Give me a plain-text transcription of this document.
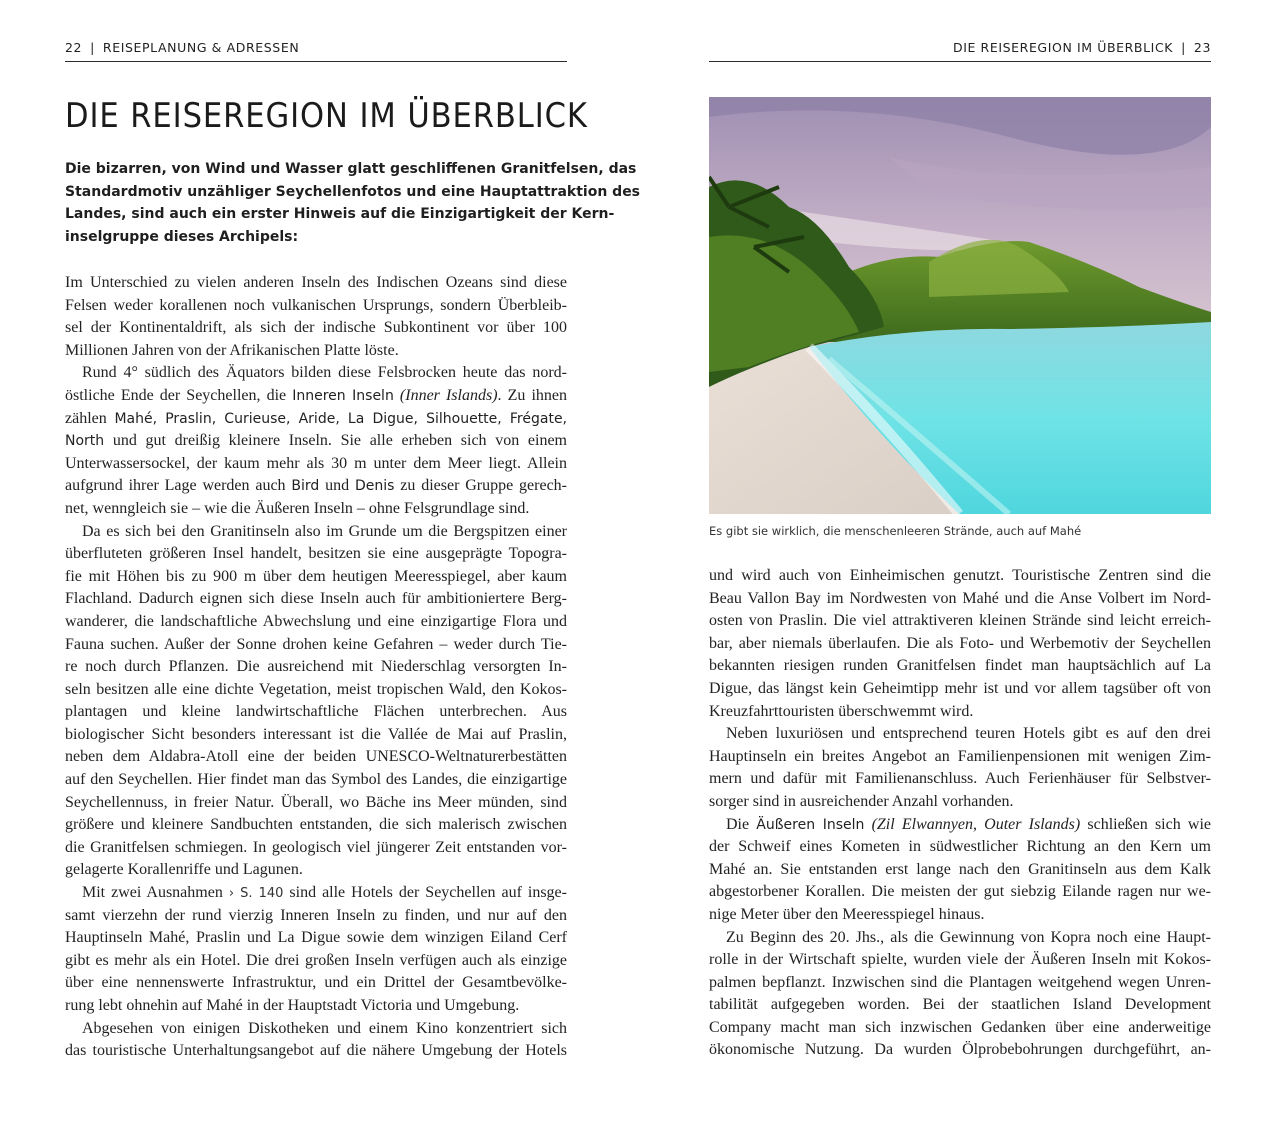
22 | REISEPLANUNG & ADRESSEN
DIE REISEREGION IM ÜBERBLICK
Die bizarren, von Wind und Wasser glatt geschliffenen Granitfelsen, das
Standardmotiv unzähliger Seychellenfotos und eine Hauptattraktion des
Landes, sind auch ein erster Hinweis auf die Einzigartigkeit der Kern-
inselgruppe dieses Archipels:
Im Unterschied zu vielen anderen Inseln des Indischen Ozeans sind diese
Felsen weder korallenen noch vulkanischen Ursprungs, sondern Überbleib-
sel der Kontinentaldrift, als sich der indische Subkontinent vor über 100
Millionen Jahren von der Afrikanischen Platte löste.
Rund 4° südlich des Äquators bilden diese Felsbrocken heute das nord-
östliche Ende der Seychellen, die Inneren Inseln (Inner Islands). Zu ihnen
zählen Mahé, Praslin, Curieuse, Aride, La Digue, Silhouette, Frégate,
North und gut dreißig kleinere Inseln. Sie alle erheben sich von einem
Unterwassersockel, der kaum mehr als 30 m unter dem Meer liegt. Allein
aufgrund ihrer Lage werden auch Bird und Denis zu dieser Gruppe gerech-
net, wenngleich sie – wie die Äußeren Inseln – ohne Felsgrundlage sind.
Da es sich bei den Granitinseln also im Grunde um die Bergspitzen einer
überfluteten größeren Insel handelt, besitzen sie eine ausgeprägte Topogra-
fie mit Höhen bis zu 900 m über dem heutigen Meeresspiegel, aber kaum
Flachland. Dadurch eignen sich diese Inseln auch für ambitioniertere Berg-
wanderer, die landschaftliche Abwechslung und eine einzigartige Flora und
Fauna suchen. Außer der Sonne drohen keine Gefahren – weder durch Tie-
re noch durch Pflanzen. Die ausreichend mit Niederschlag versorgten In-
seln besitzen alle eine dichte Vegetation, meist tropischen Wald, den Kokos-
plantagen und kleine landwirtschaftliche Flächen unterbrechen. Aus
biologischer Sicht besonders interessant ist die Vallée de Mai auf Praslin,
neben dem Aldabra-Atoll eine der beiden UNESCO-Weltnaturerbestätten
auf den Seychellen. Hier findet man das Symbol des Landes, die einzigartige
Seychellennuss, in freier Natur. Überall, wo Bäche ins Meer münden, sind
größere und kleinere Sandbuchten entstanden, die sich malerisch zwischen
die Granitfelsen schmiegen. In geologisch viel jüngerer Zeit entstanden vor-
gelagerte Korallenriffe und Lagunen.
Mit zwei Ausnahmen › S. 140 sind alle Hotels der Seychellen auf insge-
samt vierzehn der rund vierzig Inneren Inseln zu finden, und nur auf den
Hauptinseln Mahé, Praslin und La Digue sowie dem winzigen Eiland Cerf
gibt es mehr als ein Hotel. Die drei großen Inseln verfügen auch als einzige
über eine nennenswerte Infrastruktur, und ein Drittel der Gesamtbevölke-
rung lebt ohnehin auf Mahé in der Hauptstadt Victoria und Umgebung.
Abgesehen von einigen Diskotheken und einem Kino konzentriert sich
das touristische Unterhaltungsangebot auf die nähere Umgebung der Hotels
DIE REISEREGION IM ÜBERBLICK | 23
Es gibt sie wirklich, die menschenleeren Strände, auch auf Mahé
und wird auch von Einheimischen genutzt. Touristische Zentren sind die
Beau Vallon Bay im Nordwesten von Mahé und die Anse Volbert im Nord-
osten von Praslin. Die viel attraktiveren kleinen Strände sind leicht erreich-
bar, aber niemals überlaufen. Die als Foto- und Werbemotiv der Seychellen
bekannten riesigen runden Granitfelsen findet man hauptsächlich auf La
Digue, das längst kein Geheimtipp mehr ist und vor allem tagsüber oft von
Kreuzfahrttouristen überschwemmt wird.
Neben luxuriösen und entsprechend teuren Hotels gibt es auf den drei
Hauptinseln ein breites Angebot an Familienpensionen mit wenigen Zim-
mern und dafür mit Familienanschluss. Auch Ferienhäuser für Selbstver-
sorger sind in ausreichender Anzahl vorhanden.
Die Äußeren Inseln (Zil Elwannyen, Outer Islands) schließen sich wie
der Schweif eines Kometen in südwestlicher Richtung an den Kern um
Mahé an. Sie entstanden erst lange nach den Granitinseln aus dem Kalk
abgestorbener Korallen. Die meisten der gut siebzig Eilande ragen nur we-
nige Meter über den Meeresspiegel hinaus.
Zu Beginn des 20. Jhs., als die Gewinnung von Kopra noch eine Haupt-
rolle in der Wirtschaft spielte, wurden viele der Äußeren Inseln mit Kokos-
palmen bepflanzt. Inzwischen sind die Plantagen weitgehend wegen Unren-
tabilität aufgegeben worden. Bei der staatlichen Island Development
Company macht man sich inzwischen Gedanken über eine anderweitige
ökonomische Nutzung. Da wurden Ölprobebohrungen durchgeführt, an-
